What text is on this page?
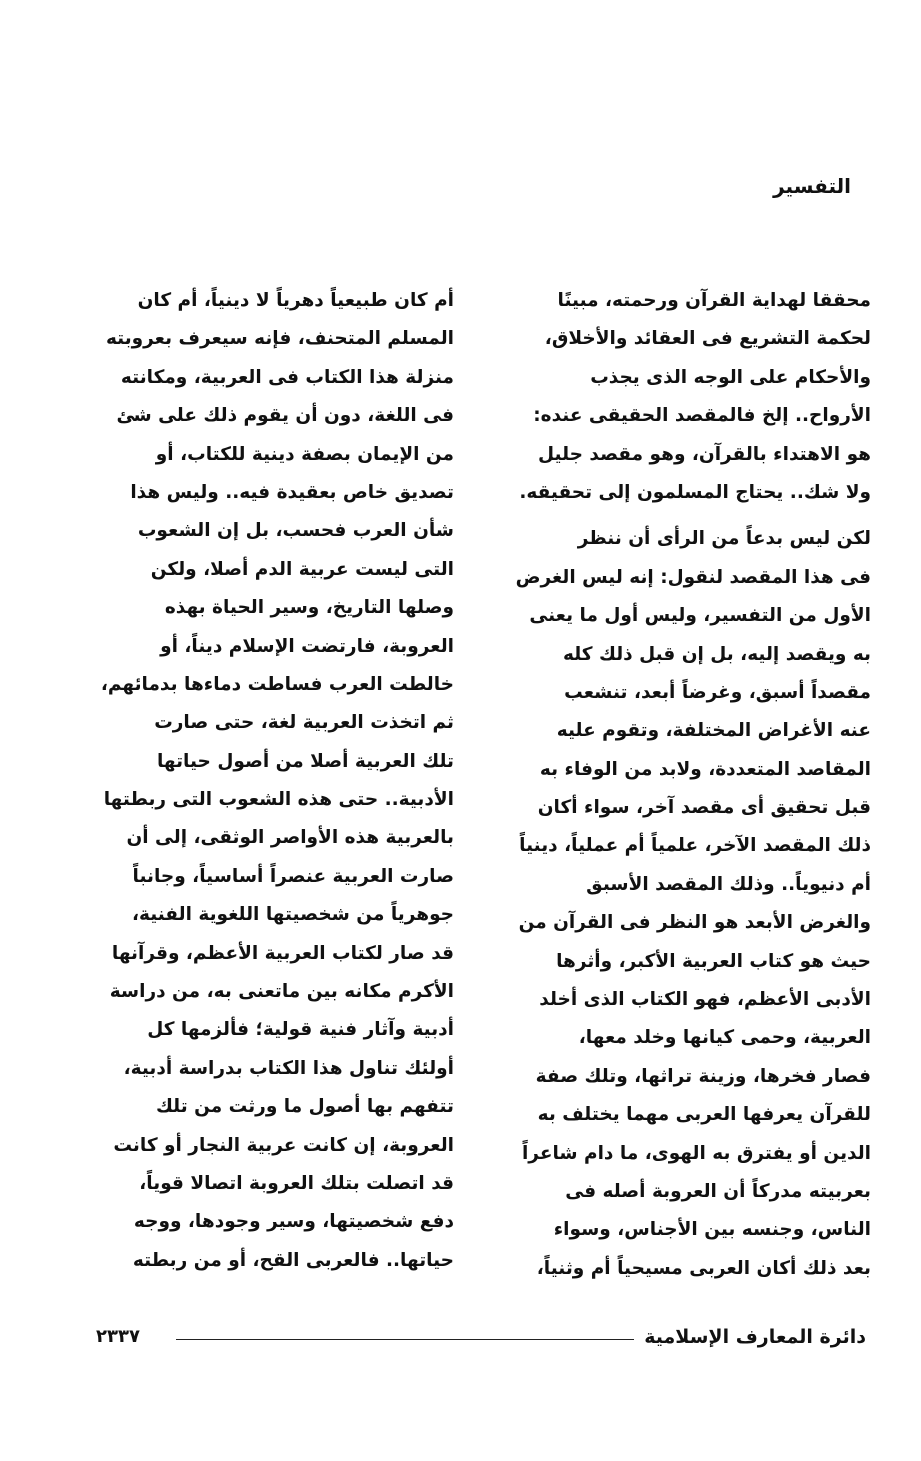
التفسير
محققا لهداية القرآن ورحمته، مبينًا
لحكمة التشريع فى العقائد والأخلاق،
والأحكام على الوجه الذى يجذب
الأرواح.. إلخ فالمقصد الحقيقى عنده:
هو الاهتداء بالقرآن، وهو مقصد جليل
ولا شك.. يحتاج المسلمون إلى تحقيقه.
لكن ليس بدعاً من الرأى أن ننظر
فى هذا المقصد لنقول: إنه ليس الغرض
الأول من التفسير، وليس أول ما يعنى
به ويقصد إليه، بل إن قبل ذلك كله
مقصداً أسبق، وغرضاً أبعد، تنشعب
عنه الأغراض المختلفة، وتقوم عليه
المقاصد المتعددة، ولابد من الوفاء به
قبل تحقيق أى مقصد آخر، سواء أكان
ذلك المقصد الآخر، علمياً أم عملياً، دينياً
أم دنيوياً.. وذلك المقصد الأسبق
والغرض الأبعد هو النظر فى القرآن من
حيث هو كتاب العربية الأكبر، وأثرها
الأدبى الأعظم، فهو الكتاب الذى أخلد
العربية، وحمى كيانها وخلد معها،
فصار فخرها، وزينة تراثها، وتلك صفة
للقرآن يعرفها العربى مهما يختلف به
الدين أو يفترق به الهوى، ما دام شاعراً
بعربيته مدركاً أن العروبة أصله فى
الناس، وجنسه بين الأجناس، وسواء
بعد ذلك أكان العربى مسيحياً أم وثنياً،
أم كان طبيعياً دهرياً لا دينياً، أم كان
المسلم المتحنف، فإنه سيعرف بعروبته
منزلة هذا الكتاب فى العربية، ومكانته
فى اللغة، دون أن يقوم ذلك على شئ
من الإيمان بصفة دينية للكتاب، أو
تصديق خاص بعقيدة فيه.. وليس هذا
شأن العرب فحسب، بل إن الشعوب
التى ليست عربية الدم أصلا، ولكن
وصلها التاريخ، وسير الحياة بهذه
العروبة، فارتضت الإسلام ديناً، أو
خالطت العرب فساطت دماءها بدمائهم،
ثم اتخذت العربية لغة، حتى صارت
تلك العربية أصلا من أصول حياتها
الأدبية.. حتى هذه الشعوب التى ربطتها
بالعربية هذه الأواصر الوثقى، إلى أن
صارت العربية عنصراً أساسياً، وجانباً
جوهرياً من شخصيتها اللغوية الفنية،
قد صار لكتاب العربية الأعظم، وقرآنها
الأكرم مكانه بين ماتعنى به، من دراسة
أدبية وآثار فنية قولية؛ فألزمها كل
أولئك تناول هذا الكتاب بدراسة أدبية،
تتفهم بها أصول ما ورثت من تلك
العروبة، إن كانت عربية النجار أو كانت
قد اتصلت بتلك العروبة اتصالا قوياً،
دفع شخصيتها، وسير وجودها، ووجه
حياتها.. فالعربى القح، أو من ربطته
دائرة المعارف الإسلامية
٢٣٣٧
